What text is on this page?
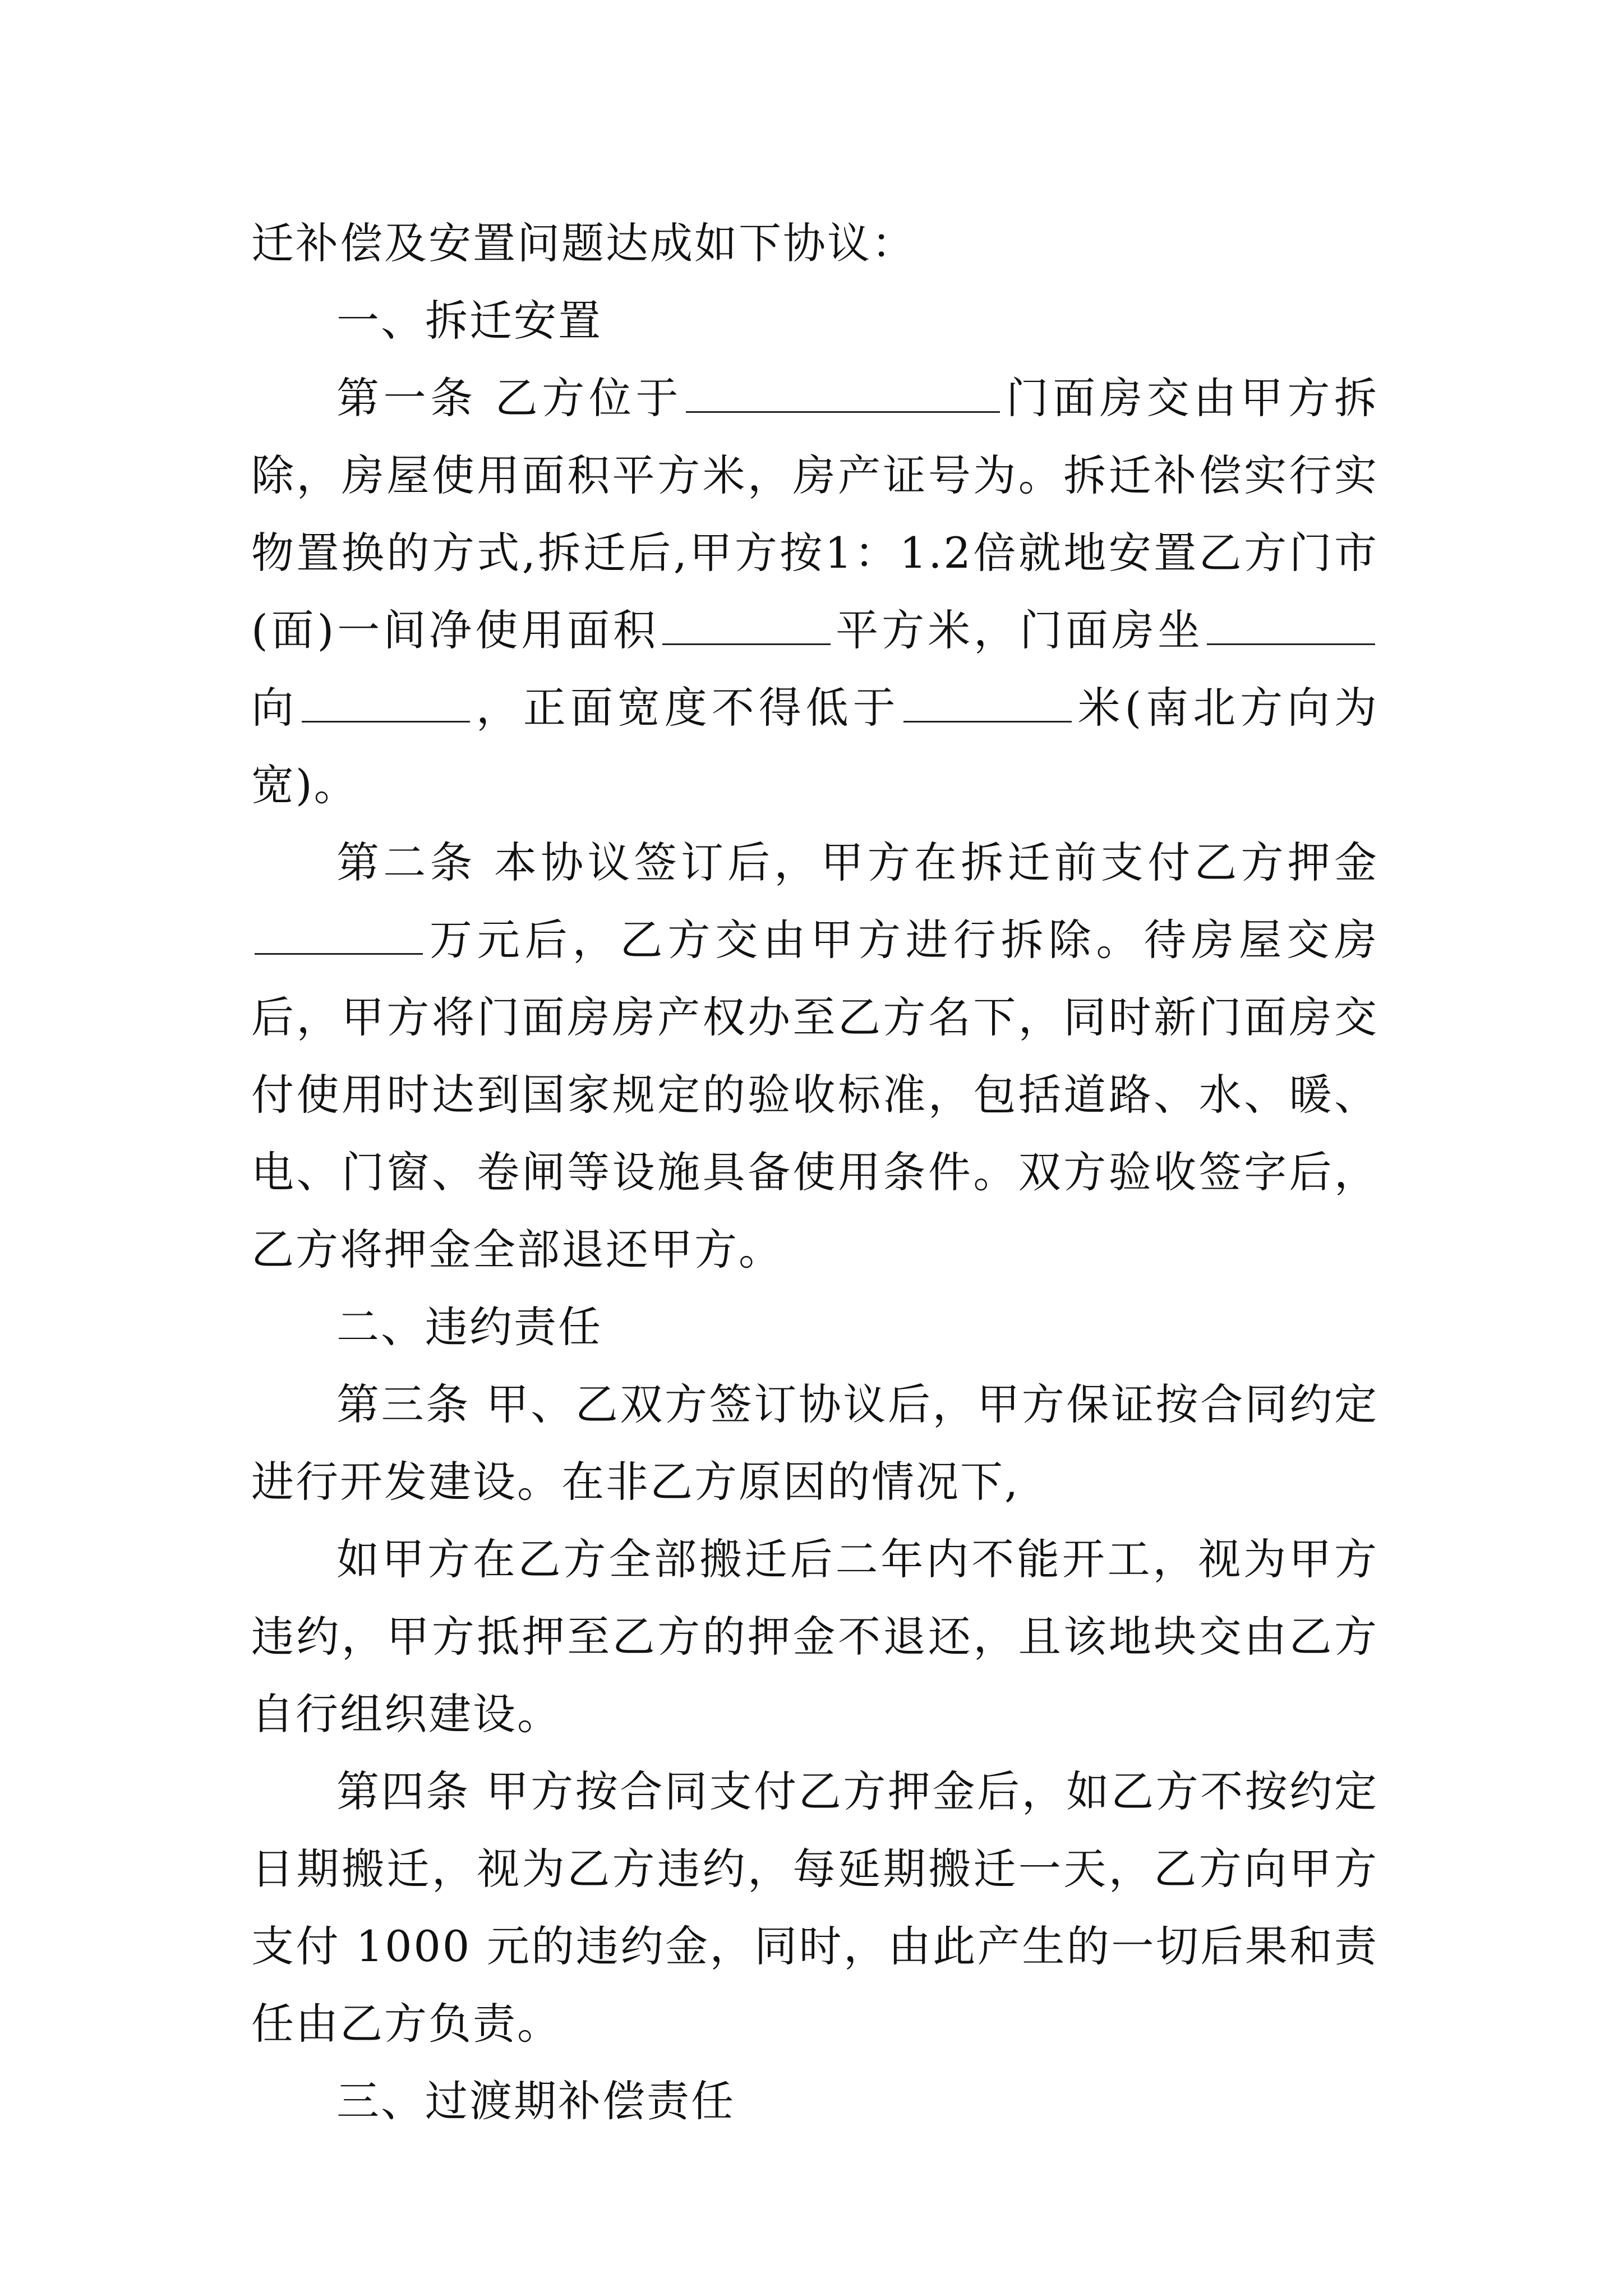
迁补偿及安置问题达成如下协议：

一、拆迁安置

第一条 乙方位于	门面房交由甲方拆除，房屋使用面积平方米，房产证号为。拆迁补偿实行实物置换的方式,拆迁后,甲方按1：1.2倍就地安置乙方门市(面)一间净使用面积	平方米，门面房坐向	，正面宽度不得低于	米(南北方向为宽)。

第二条 本协议签订后，甲方在拆迁前支付乙方押金万元后，乙方交由甲方进行拆除。待房屋交房后，甲方将门面房房产权办至乙方名下，同时新门面房交付使用时达到国家规定的验收标准，包括道路、水、暖、电、门窗、卷闸等设施具备使用条件。双方验收签字后，乙方将押金全部退还甲方。

二、违约责任

第三条 甲、乙双方签订协议后，甲方保证按合同约定进行开发建设。在非乙方原因的情况下,

如甲方在乙方全部搬迁后二年内不能开工，视为甲方违约，甲方抵押至乙方的押金不退还，且该地块交由乙方自行组织建设。

第四条 甲方按合同支付乙方押金后，如乙方不按约定日期搬迁，视为乙方违约，每延期搬迁一天，乙方向甲方支付 1000 元的违约金，同时，由此产生的一切后果和责任由乙方负责。

三、过渡期补偿责任
